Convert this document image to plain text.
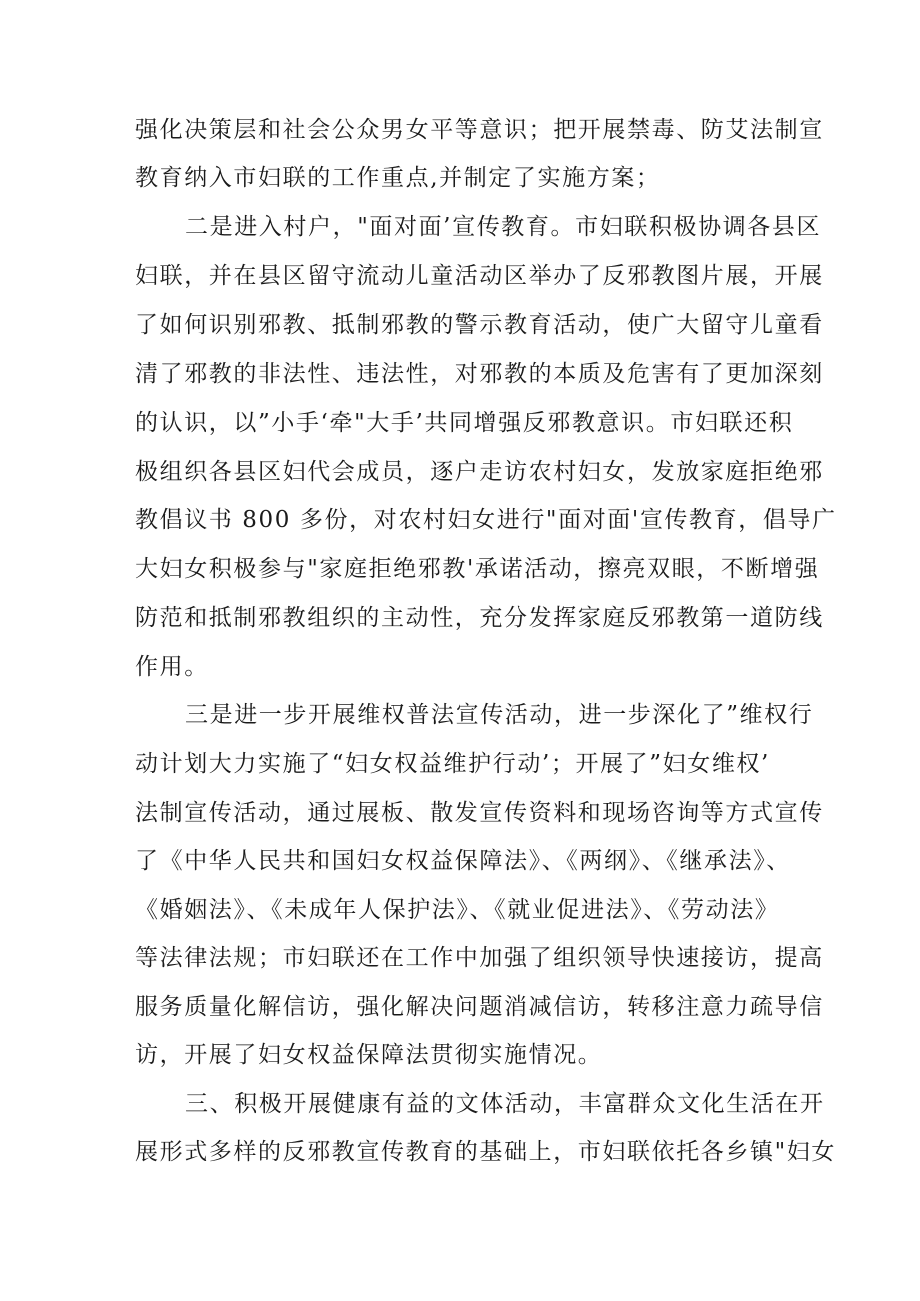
强化决策层和社会公众男女平等意识；把开展禁毒、防艾法制宣
教育纳入市妇联的工作重点,并制定了实施方案；
二是进入村户，"面对面’宣传教育。市妇联积极协调各县区
妇联，并在县区留守流动儿童活动区举办了反邪教图片展，开展
了如何识别邪教、抵制邪教的警示教育活动，使广大留守儿童看
清了邪教的非法性、违法性，对邪教的本质及危害有了更加深刻
的认识，以”小手‘牵"大手’共同增强反邪教意识。市妇联还积
极组织各县区妇代会成员，逐户走访农村妇女，发放家庭拒绝邪
教倡议书 800 多份，对农村妇女进行"面对面'宣传教育，倡导广
大妇女积极参与"家庭拒绝邪教'承诺活动，擦亮双眼，不断增强
防范和抵制邪教组织的主动性，充分发挥家庭反邪教第一道防线
作用。
三是进一步开展维权普法宣传活动，进一步深化了”维权行
动计划大力实施了“妇女权益维护行动’；开展了”妇女维权’
法制宣传活动，通过展板、散发宣传资料和现场咨询等方式宣传
了《中华人民共和国妇女权益保障法》、《两纲》、《继承法》、
《婚姻法》、《未成年人保护法》、《就业促进法》、《劳动法》
等法律法规；市妇联还在工作中加强了组织领导快速接访，提高
服务质量化解信访，强化解决问题消减信访，转移注意力疏导信
访，开展了妇女权益保障法贯彻实施情况。
三、积极开展健康有益的文体活动，丰富群众文化生活在开
展形式多样的反邪教宣传教育的基础上，市妇联依托各乡镇"妇女
